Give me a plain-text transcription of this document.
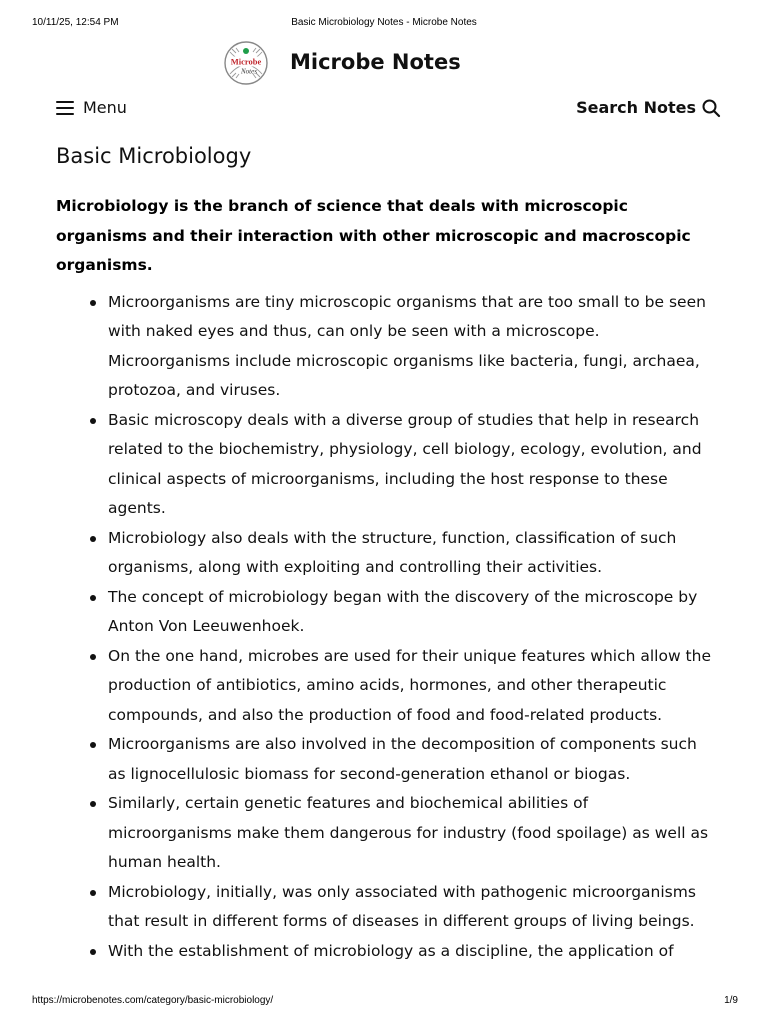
10/11/25, 12:54 PM	Basic Microbiology Notes - Microbe Notes
Microbe
Notes Microbe Notes
Menu	Search Notes
Basic Microbiology

Microbiology is the branch of science that deals with microscopic organisms and their interaction with other microscopic and macroscopic organisms.

Microorganisms are tiny microscopic organisms that are too small to be seen with naked eyes and thus, can only be seen with a microscope. Microorganisms include microscopic organisms like bacteria, fungi, archaea, protozoa, and viruses.
Basic microscopy deals with a diverse group of studies that help in research related to the biochemistry, physiology, cell biology, ecology, evolution, and clinical aspects of microorganisms, including the host response to these agents.
Microbiology also deals with the structure, function, classification of such organisms, along with exploiting and controlling their activities.
The concept of microbiology began with the discovery of the microscope by Anton Von Leeuwenhoek.
On the one hand, microbes are used for their unique features which allow the production of antibiotics, amino acids, hormones, and other therapeutic compounds, and also the production of food and food-related products.
Microorganisms are also involved in the decomposition of components such as lignocellulosic biomass for second-generation ethanol or biogas.
Similarly, certain genetic features and biochemical abilities of microorganisms make them dangerous for industry (food spoilage) as well as human health.
Microbiology, initially, was only associated with pathogenic microorganisms that result in different forms of diseases in different groups of living beings.
With the establishment of microbiology as a discipline, the application of
https://microbenotes.com/category/basic-microbiology/	1/9
